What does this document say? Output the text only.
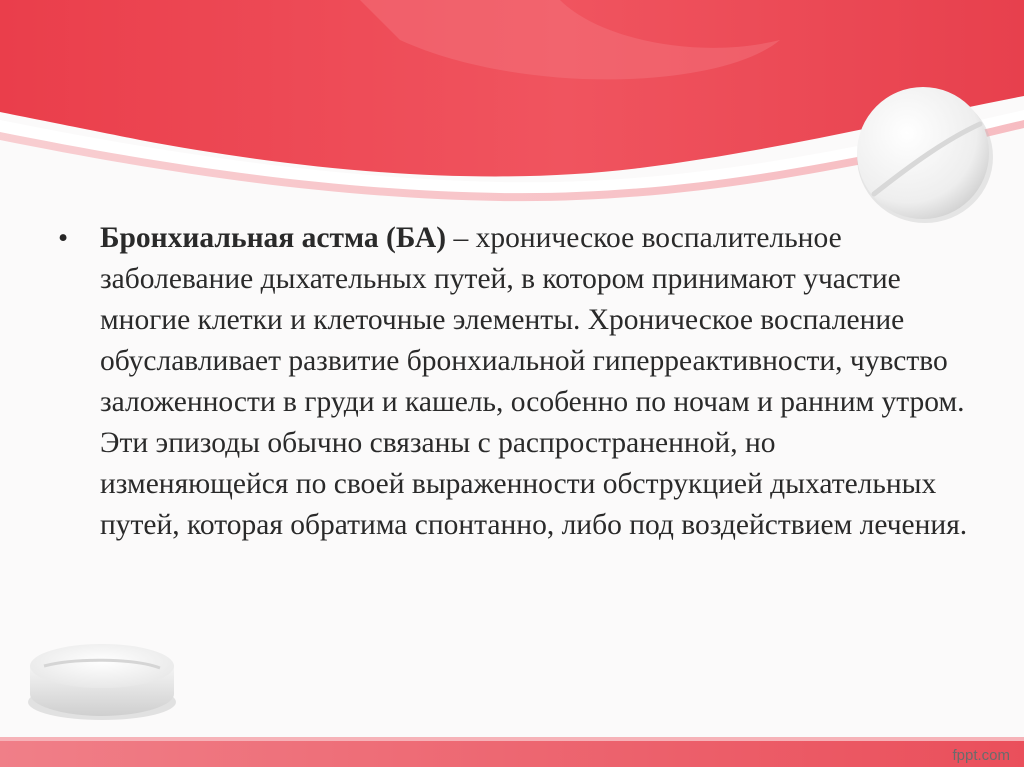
•	Бронхиальная астма (БА) – хроническое воспалительное заболевание дыхательных путей, в котором принимают участие многие клетки и клеточные элементы. Хроническое воспаление обуславливает развитие бронхиальной гиперреактивности, чувство заложенности в груди и кашель, особенно по ночам и ранним утром. Эти эпизоды обычно связаны с распространенной, но изменяющейся по своей выраженности обструкцией дыхательных путей, которая обратима спонтанно, либо под воздействием лечения.
fppt.com
